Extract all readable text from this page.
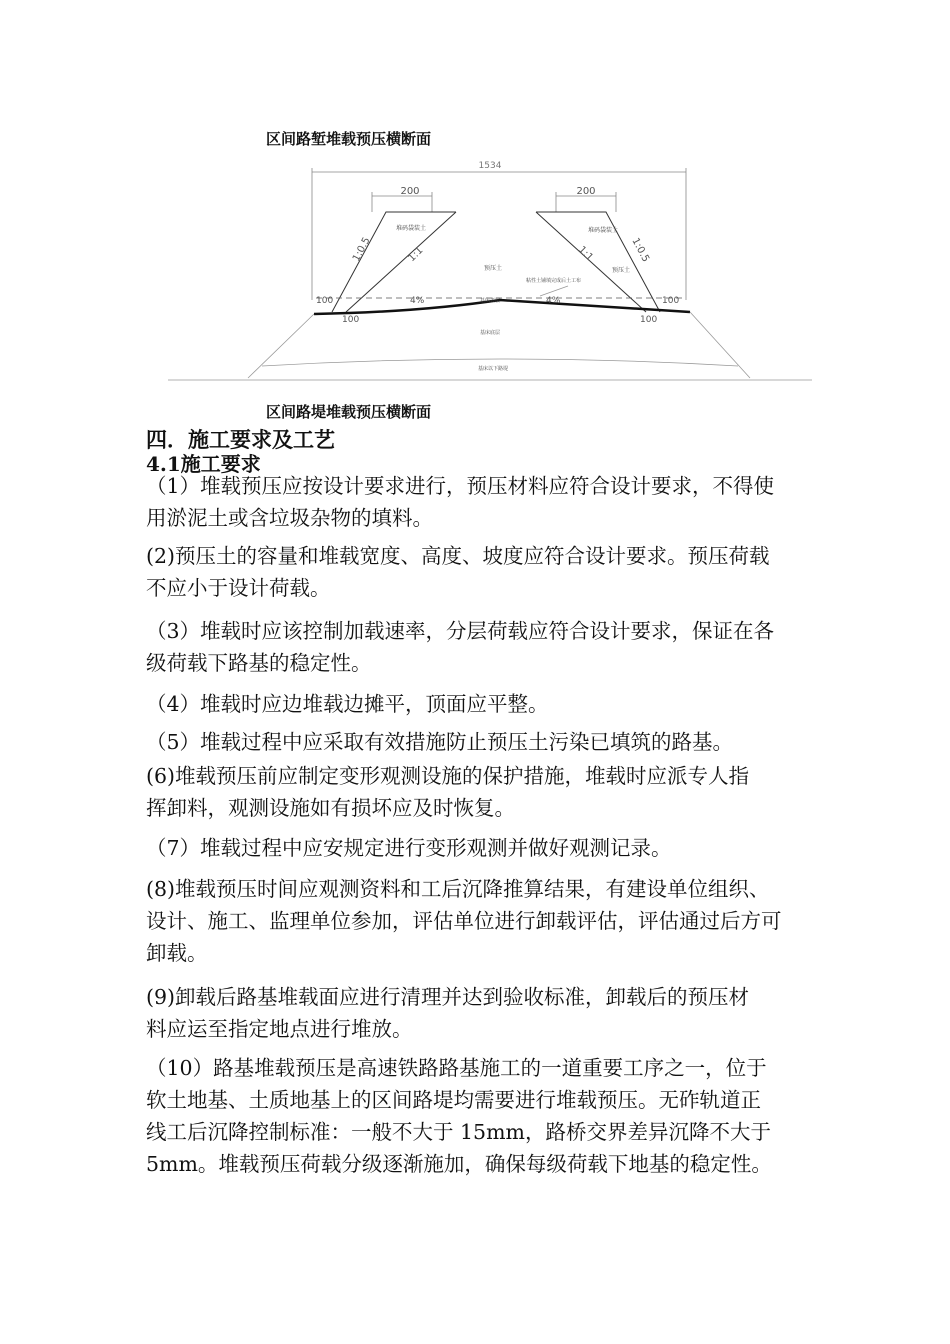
区间路堑堆载预压横断面
1534
200	200
1:0.5	1:1	1:1	1:0.5
堆码袋装土	堆码袋装土
预压土	预压土
粘性土铺填完成后土工布
基床表层
4%	4%
100	100
100	100
基床底层
基床以下路堤
区间路堤堆载预压横断面
四．施工要求及工艺
4.1施工要求
（1）堆载预压应按设计要求进行，预压材料应符合设计要求，不得使
用淤泥土或含垃圾杂物的填料。
(2)预压土的容量和堆载宽度、高度、坡度应符合设计要求。预压荷载
不应小于设计荷载。
（3）堆载时应该控制加载速率，分层荷载应符合设计要求，保证在各
级荷载下路基的稳定性。
（4）堆载时应边堆载边摊平，顶面应平整。
（5）堆载过程中应采取有效措施防止预压土污染已填筑的路基。
(6)堆载预压前应制定变形观测设施的保护措施，堆载时应派专人指
挥卸料，观测设施如有损坏应及时恢复。
（7）堆载过程中应安规定进行变形观测并做好观测记录。
(8)堆载预压时间应观测资料和工后沉降推算结果，有建设单位组织、
设计、施工、监理单位参加，评估单位进行卸载评估，评估通过后方可
卸载。
(9)卸载后路基堆载面应进行清理并达到验收标准，卸载后的预压材
料应运至指定地点进行堆放。
（10）路基堆载预压是高速铁路路基施工的一道重要工序之一，位于
软土地基、土质地基上的区间路堤均需要进行堆载预压。无砟轨道正
线工后沉降控制标准：一般不大于 15mm，路桥交界差异沉降不大于
5mm。堆载预压荷载分级逐渐施加，确保每级荷载下地基的稳定性。
